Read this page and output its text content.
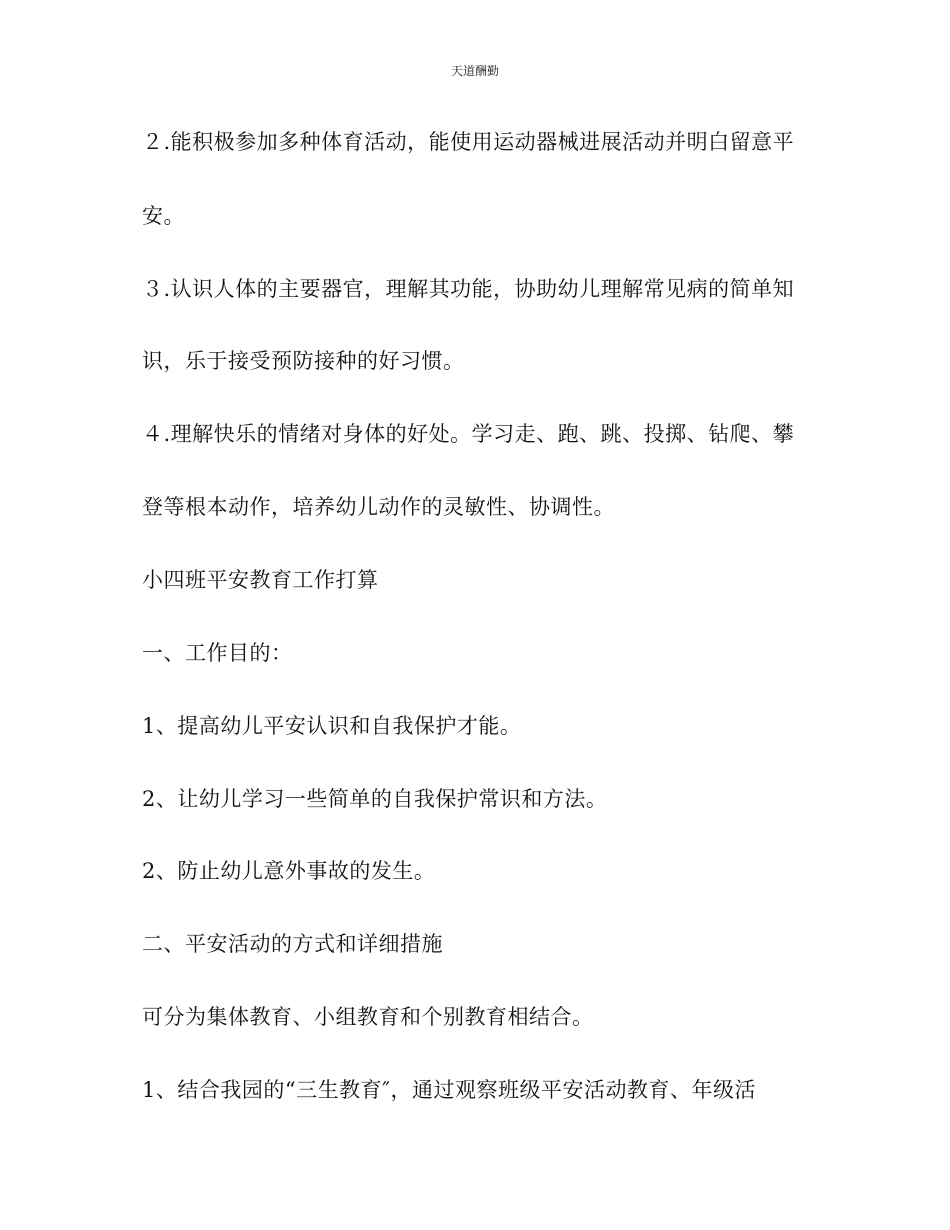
天道酬勤
２.能积极参加多种体育活动，能使用运动器械进展活动并明白留意平
安。
３.认识人体的主要器官，理解其功能，协助幼儿理解常见病的简单知
识，乐于接受预防接种的好习惯。
４.理解快乐的情绪对身体的好处。学习走、跑、跳、投掷、钻爬、攀
登等根本动作，培养幼儿动作的灵敏性、协调性。
小四班平安教育工作打算
一、工作目的：
1、提高幼儿平安认识和自我保护才能。
2、让幼儿学习一些简单的自我保护常识和方法。
2、防止幼儿意外事故的发生。
二、平安活动的方式和详细措施
可分为集体教育、小组教育和个别教育相结合。
1、结合我园的“三生教育″，通过观察班级平安活动教育、年级活
